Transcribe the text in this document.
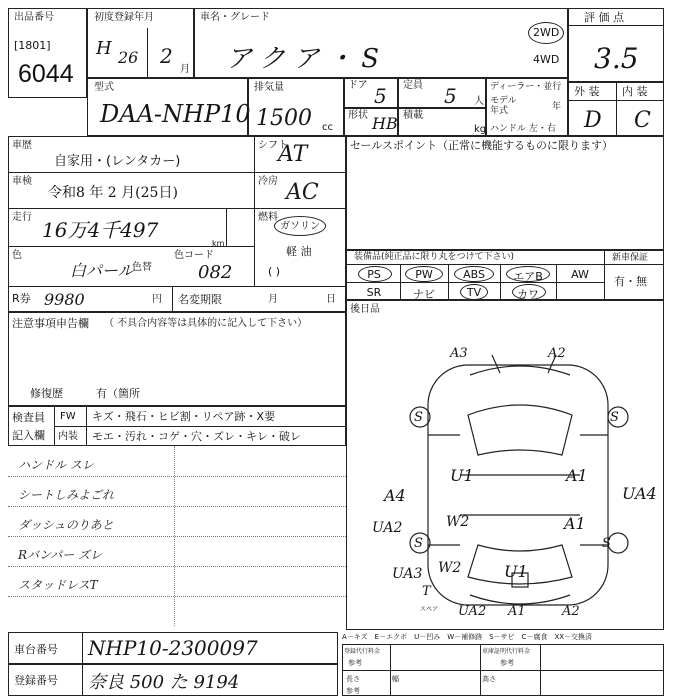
出品番号
[1801]
6044
初度登録年月
H 26 2
月
車名・グレード
アクア・S
2WD
4WD
評 価 点
3.5
型式
DAA-NHP10
排気量
1500 cc
ドア 5 定員 5 人
形状 HB 積載
kg
ディーラー・並行
モデル
年式	年
ハンドル 左・右
外 装 内 装
D C
車歴
自家用・(レンタカー)
シフト
AT
車検
令和8 年 2 月(25日)
冷房 AC
走行
16万4千497
km
燃料
ガソリン
軽 油
( )
色
白パール
色替
色コード
082
R券 9980	円 名変期限	月	日
注意事項申告欄 （ 不具合内容等は具体的に記入して下さい）
修復歴	有（箇所
検査員
記入欄
FW キズ・飛石・ヒビ割・リペア跡・X要
内装 モエ・汚れ・コゲ・穴・ズレ・キレ・破レ
ハンドル スレ
シートしみよごれ
ダッシュのりあと
Rバンパー ズレ
スタッドレスT
セールスポイント（正常に機能するものに限ります）
装備品(純正品に限り丸をつけて下さい)	新車保証
有・無
PS	PW	ABS	エアB	AW
SR	ナビ	TV	カワ
後日品
A3	A2
S	S
S	S
U1	A1
A4	UA4
UA2	W2	A1
W2
UA3	U1
T
スペア UA2 A1	A2
A－キズ　E－エクボ　U－凹み　W－補修跡　S－サビ　C－腐食　XX－交換済
車台番号 NHP10-2300097
登録番号 奈良 500 た 9194
登録代行料金
参考
車庫証明代行料金
参考
長さ	幅	高さ
参考
